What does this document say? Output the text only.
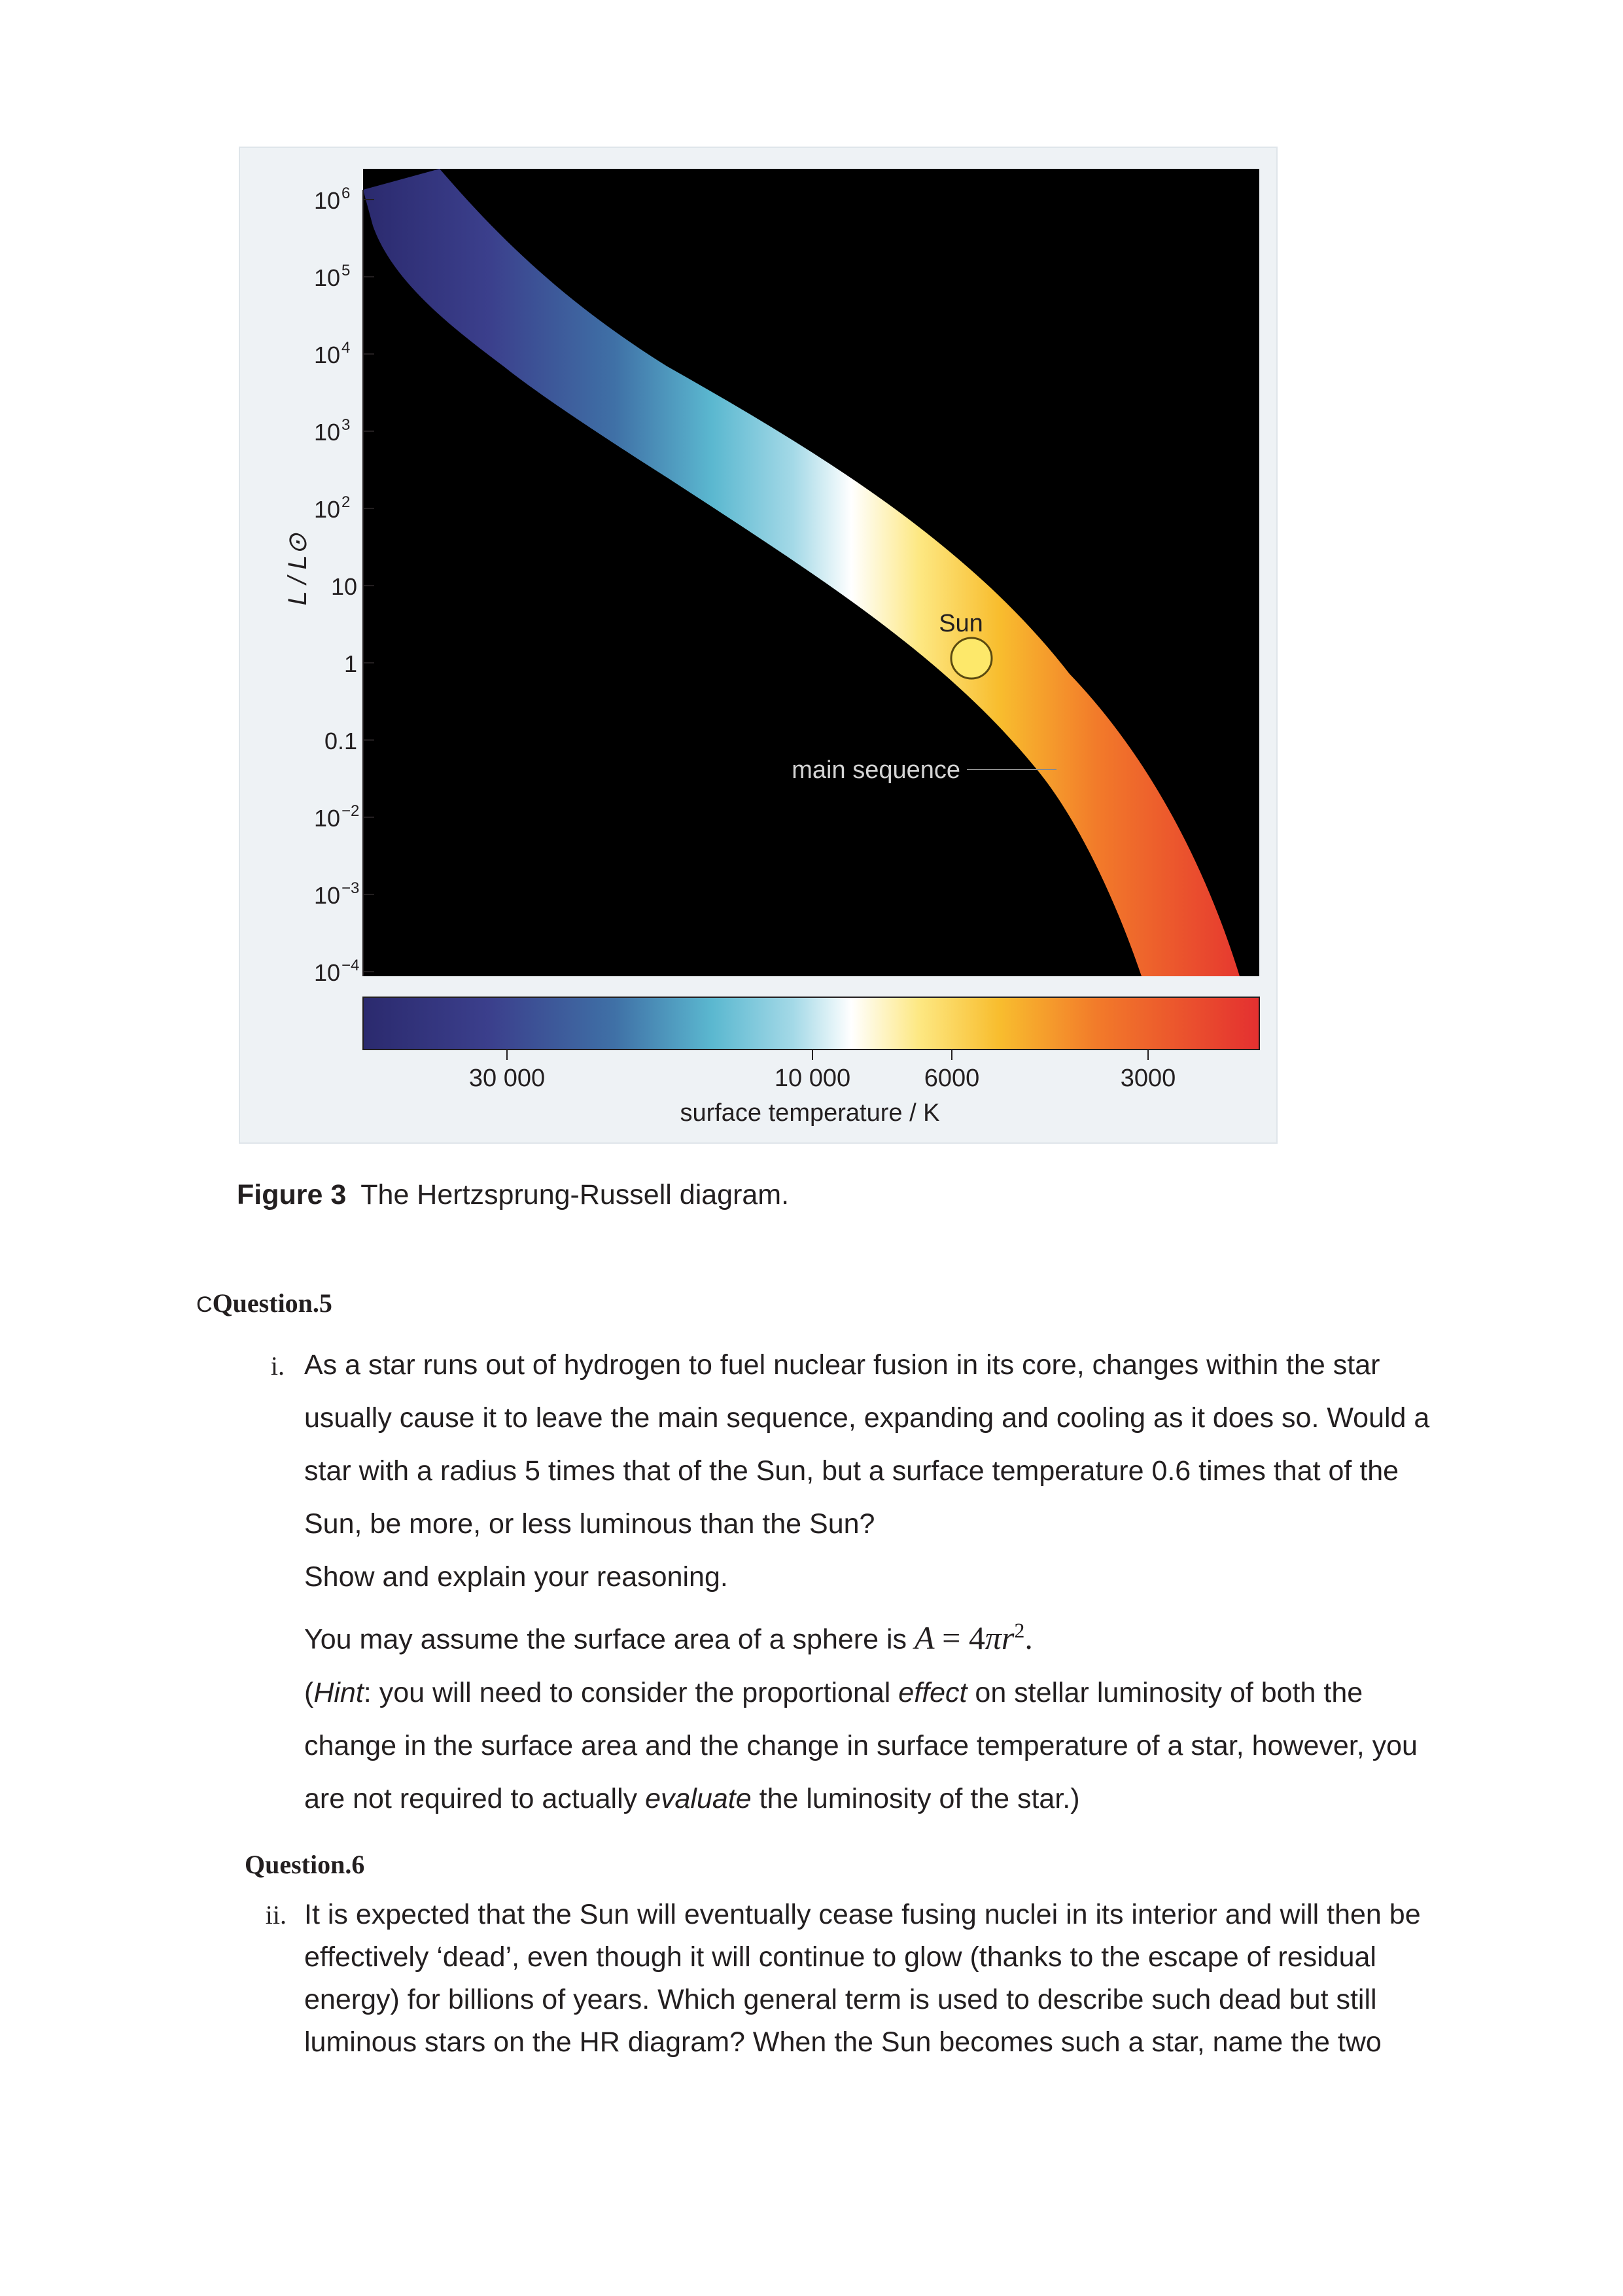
10 6
10 5
10 4
10 3
10 2
10
1
0.1
10 −2
10 −3
10 −4
L / L⊙
30 000	10 000	6000	3000
surface temperature / K
Sun
main sequence
Figure 3 The Hertzsprung-Russell diagram.
CQuestion.5
i. As a star runs out of hydrogen to fuel nuclear fusion in its core, changes within the star
usually cause it to leave the main sequence, expanding and cooling as it does so. Would a
star with a radius 5 times that of the Sun, but a surface temperature 0.6 times that of the
Sun, be more, or less luminous than the Sun?
Show and explain your reasoning.
You may assume the surface area of a sphere is $A = 4\pi r^2$.
(Hint: you will need to consider the proportional effect on stellar luminosity of both the
change in the surface area and the change in surface temperature of a star, however, you
are not required to actually evaluate the luminosity of the star.)
Question.6
ii. It is expected that the Sun will eventually cease fusing nuclei in its interior and will then be
effectively ‘dead’, even though it will continue to glow (thanks to the escape of residual
energy) for billions of years. Which general term is used to describe such dead but still
luminous stars on the HR diagram? When the Sun becomes such a star, name the two
